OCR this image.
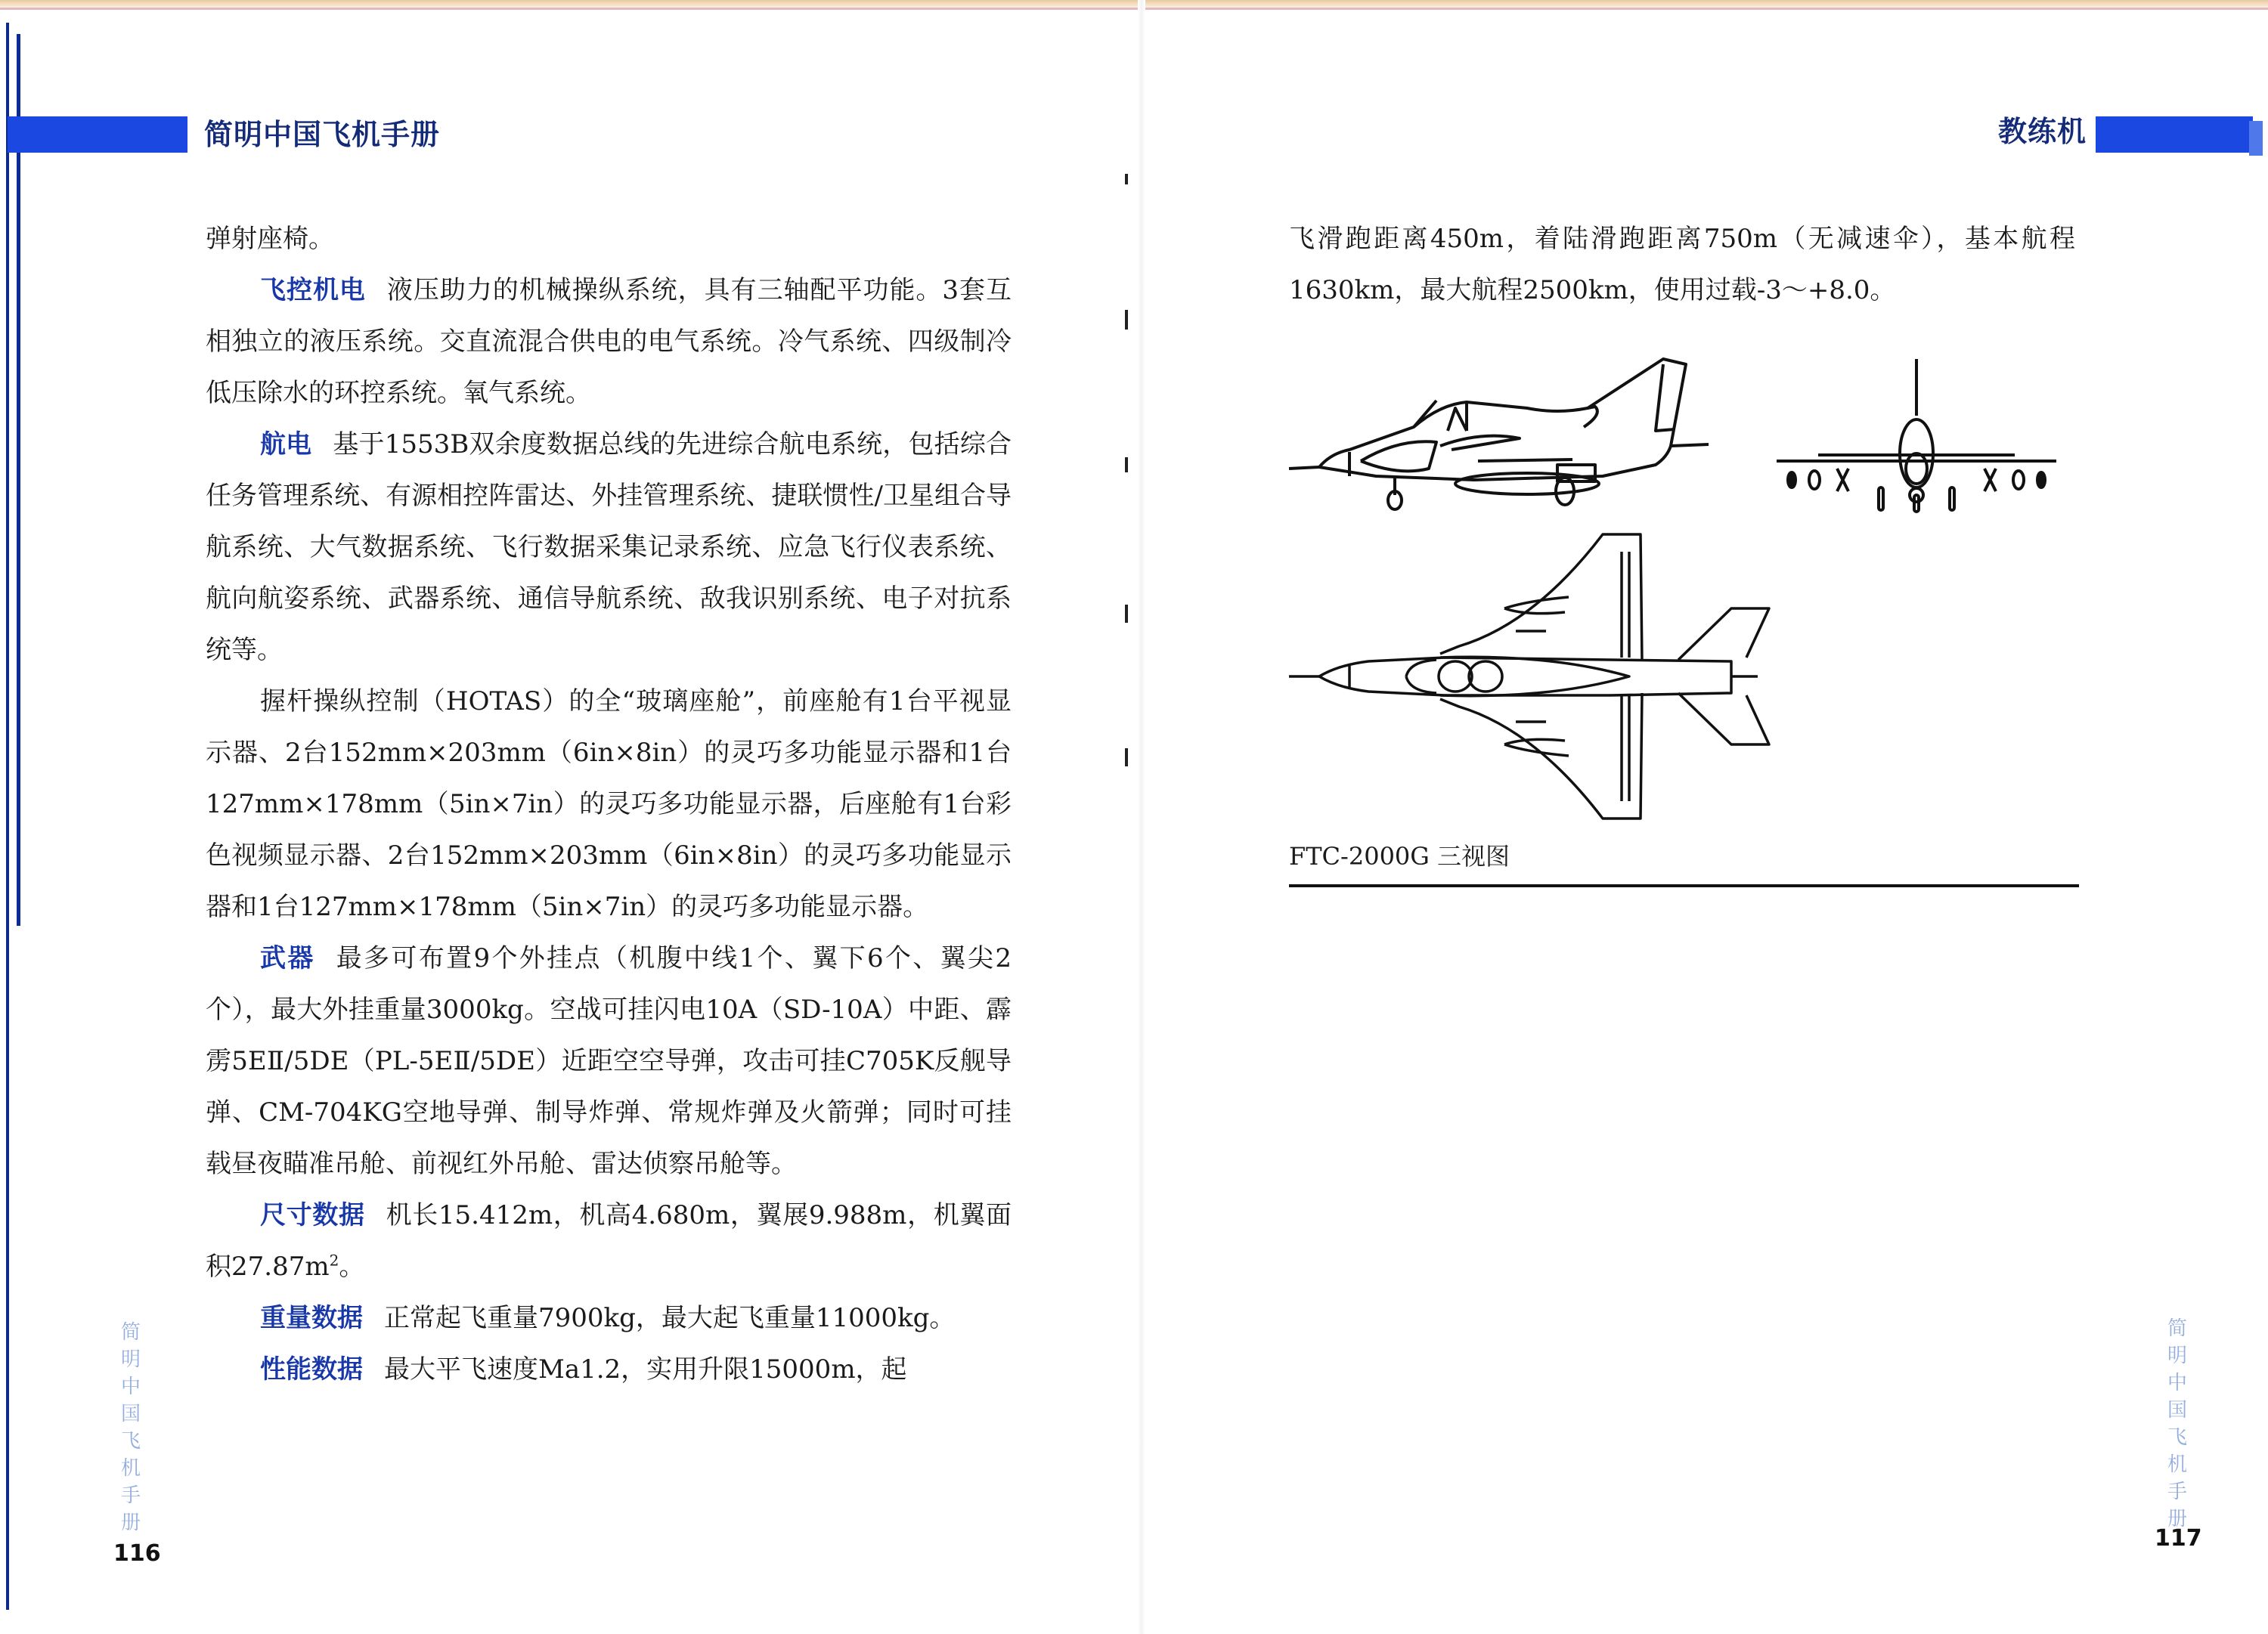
简明中国飞机手册

弹射座椅。

飞控机电 液压助力的机械操纵系统，具有三轴配平功能。3套互相独立的液压系统。交直流混合供电的电气系统。冷气系统、四级制冷低压除水的环控系统。氧气系统。

航电 基于1553B双余度数据总线的先进综合航电系统，包括综合任务管理系统、有源相控阵雷达、外挂管理系统、捷联惯性/卫星组合导航系统、大气数据系统、飞行数据采集记录系统、应急飞行仪表系统、航向航姿系统、武器系统、通信导航系统、敌我识别系统、电子对抗系统等。

握杆操纵控制（HOTAS）的全“玻璃座舱”，前座舱有1台平视显示器、2台152mm×203mm（6in×8in）的灵巧多功能显示器和1台127mm×178mm（5in×7in）的灵巧多功能显示器，后座舱有1台彩色视频显示器、2台152mm×203mm（6in×8in）的灵巧多功能显示器和1台127mm×178mm（5in×7in）的灵巧多功能显示器。

武器 最多可布置9个外挂点（机腹中线1个、翼下6个、翼尖2个），最大外挂重量3000kg。空战可挂闪电10A（SD-10A）中距、霹雳5EⅡ/5DE（PL-5EⅡ/5DE）近距空空导弹，攻击可挂C705K反舰导弹、CM-704KG空地导弹、制导炸弹、常规炸弹及火箭弹；同时可挂载昼夜瞄准吊舱、前视红外吊舱、雷达侦察吊舱等。

尺寸数据 机长15.412m，机高4.680m，翼展9.988m，机翼面积$27.87m^2$。

重量数据 正常起飞重量7900kg，最大起飞重量11000kg。

性能数据 最大平飞速度Ma1.2，实用升限15000m，起

简
明
中
国
飞
机
手
册
116
教练机

飞滑跑距离450m，着陆滑跑距离750m（无减速伞），基本航程1630km，最大航程2500km，使用过载-3～+8.0。

FTC-2000G 三视图
简
明
中
国
飞
机
手
册
117
